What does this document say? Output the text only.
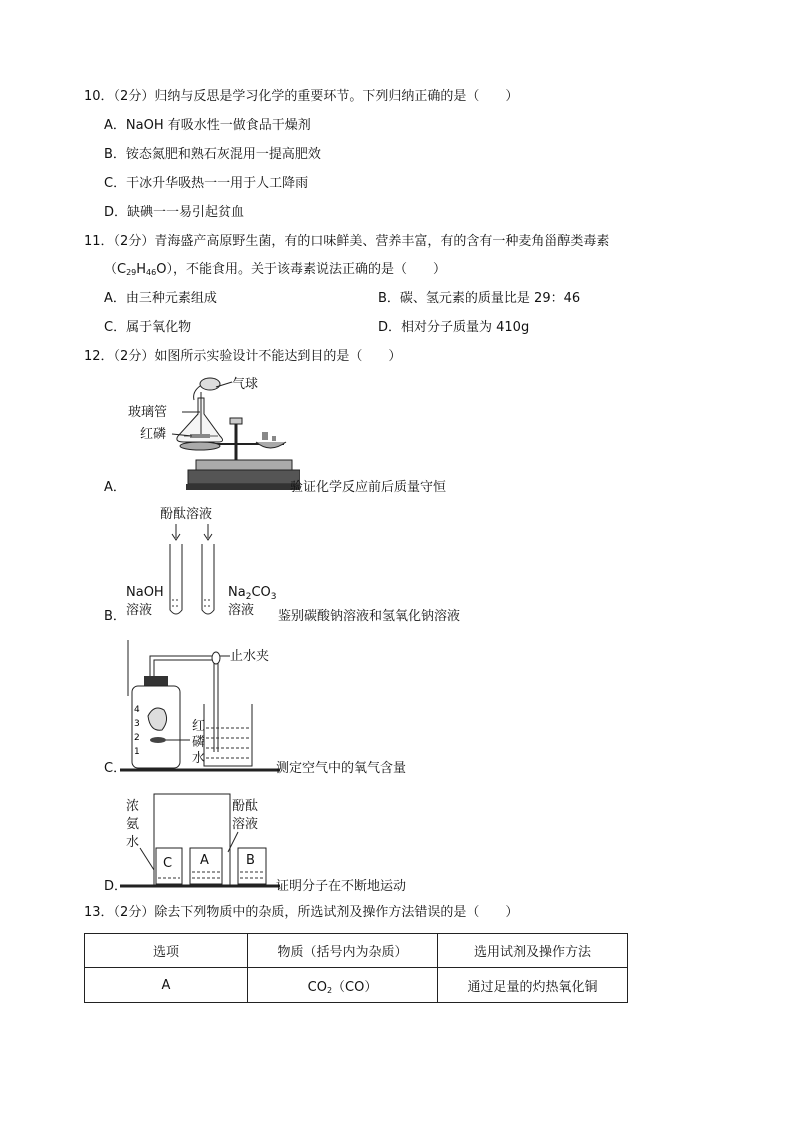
10．（2分）归纳与反思是学习化学的重要环节。下列归纳正确的是（　　）
A．NaOH 有吸水性一做食品干燥剂
B．铵态氮肥和熟石灰混用一提高肥效
C．干冰升华吸热一一用于人工降雨
D．缺碘一一易引起贫血
11．（2分）青海盛产高原野生菌，有的口味鲜美、营养丰富，有的含有一种麦角甾醇类毒素
$(C_{29}H_{46}O)$，不能食用。关于该毒素说法正确的是（　　）
A．由三种元素组成	B．碳、氢元素的质量比是 29：46
C．属于氧化物	D．相对分子质量为 410g
12．（2分）如图所示实验设计不能达到目的是（　　）
气球
玻璃管
红磷
A．	验证化学反应前后质量守恒
酚酞溶液
NaOH
溶液
$Na_2CO_3$
溶液
B．	鉴别碳酸钠溶液和氢氧化钠溶液
止水夹
4
3
2
1
红
磷
水
C．	测定空气中的氧气含量
浓
氨
水
酚酞
溶液
C A	B
D．	证明分子在不断地运动
13．（2分）除去下列物质中的杂质，所选试剂及操作方法错误的是（　　）
选项	物质（括号内为杂质）	选用试剂及操作方法
A	$CO_2(CO)$	通过足量的灼热氧化铜
